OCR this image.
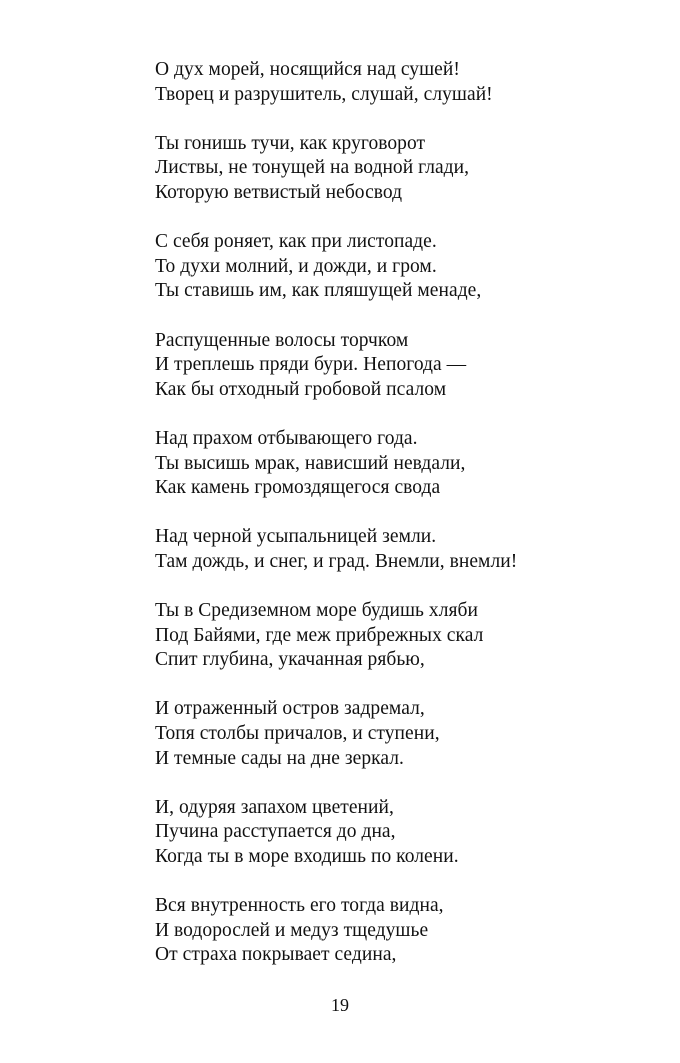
О дух морей, носящийся над сушей!
Творец и разрушитель, слушай, слушай!
Ты гонишь тучи, как круговорот
Листвы, не тонущей на водной глади,
Которую ветвистый небосвод
С себя роняет, как при листопаде.
То духи молний, и дожди, и гром.
Ты ставишь им, как пляшущей менаде,
Распущенные волосы торчком
И треплешь пряди бури. Непогода —
Как бы отходный гробовой псалом
Над прахом отбывающего года.
Ты высишь мрак, нависший невдали,
Как камень громоздящегося свода
Над черной усыпальницей земли.
Там дождь, и снег, и град. Внемли, внемли!
Ты в Средиземном море будишь хляби
Под Байями, где меж прибрежных скал
Спит глубина, укачанная рябью,
И отраженный остров задремал,
Топя столбы причалов, и ступени,
И темные сады на дне зеркал.
И, одуряя запахом цветений,
Пучина расступается до дна,
Когда ты в море входишь по колени.
Вся внутренность его тогда видна,
И водорослей и медуз тщедушье
От страха покрывает седина,
19
